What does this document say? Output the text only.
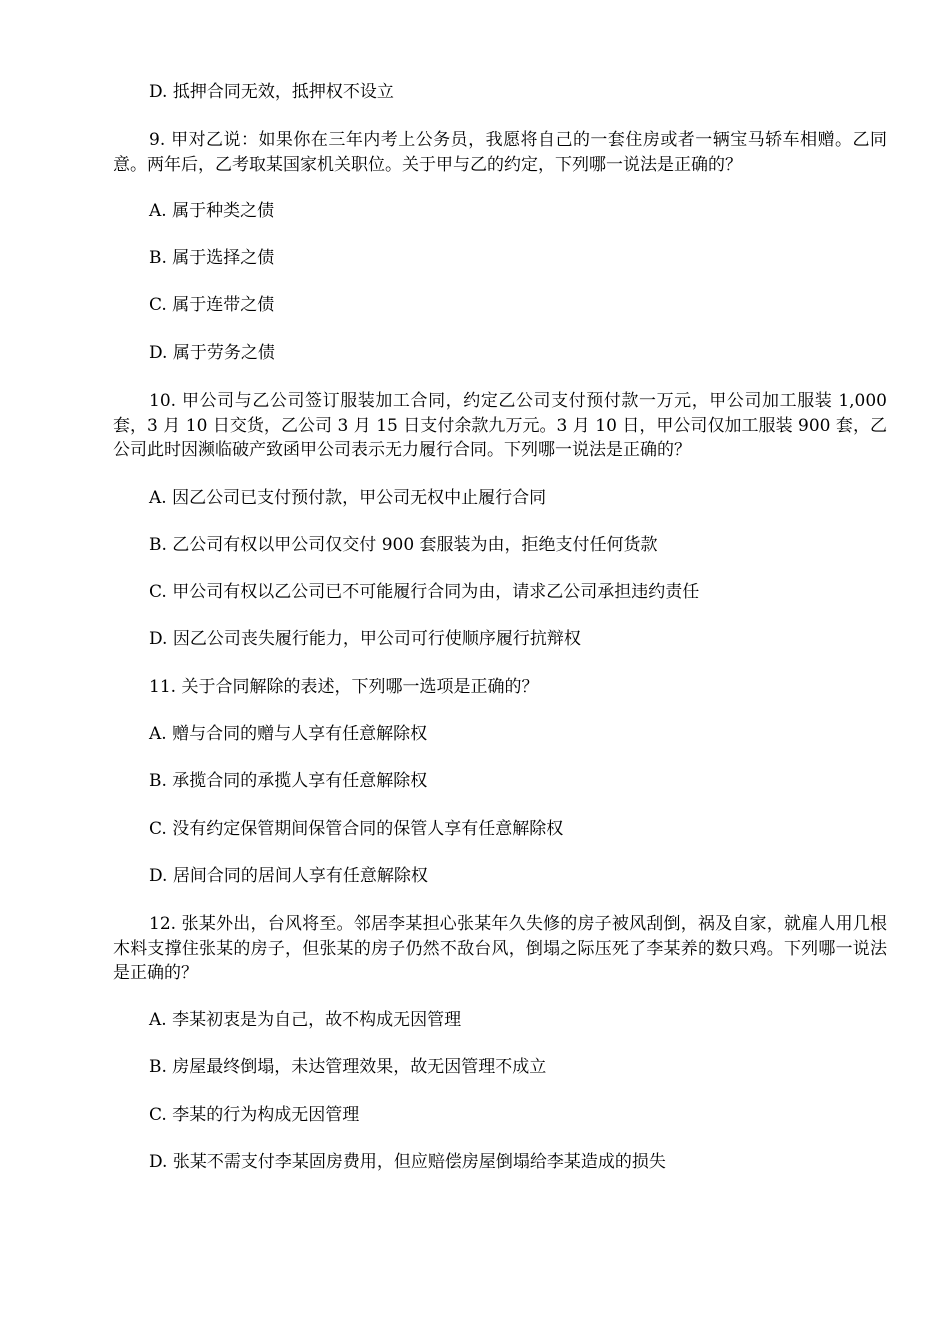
D. 抵押合同无效，抵押权不设立

9. 甲对乙说：如果你在三年内考上公务员，我愿将自己的一套住房或者一辆宝马轿车相赠。乙同意。两年后，乙考取某国家机关职位。关于甲与乙的约定，下列哪一说法是正确的？

A. 属于种类之债

B. 属于选择之债

C. 属于连带之债

D. 属于劳务之债

10. 甲公司与乙公司签订服装加工合同，约定乙公司支付预付款一万元，甲公司加工服装 1,000 套，3 月 10 日交货，乙公司 3 月 15 日支付余款九万元。3 月 10 日，甲公司仅加工服装 900 套，乙公司此时因濒临破产致函甲公司表示无力履行合同。下列哪一说法是正确的？

A. 因乙公司已支付预付款，甲公司无权中止履行合同

B. 乙公司有权以甲公司仅交付 900 套服装为由，拒绝支付任何货款

C. 甲公司有权以乙公司已不可能履行合同为由，请求乙公司承担违约责任

D. 因乙公司丧失履行能力，甲公司可行使顺序履行抗辩权

11. 关于合同解除的表述，下列哪一选项是正确的？

A. 赠与合同的赠与人享有任意解除权

B. 承揽合同的承揽人享有任意解除权

C. 没有约定保管期间保管合同的保管人享有任意解除权

D. 居间合同的居间人享有任意解除权

12. 张某外出，台风将至。邻居李某担心张某年久失修的房子被风刮倒，祸及自家，就雇人用几根木料支撑住张某的房子，但张某的房子仍然不敌台风，倒塌之际压死了李某养的数只鸡。下列哪一说法是正确的？

A. 李某初衷是为自己，故不构成无因管理

B. 房屋最终倒塌，未达管理效果，故无因管理不成立

C. 李某的行为构成无因管理

D. 张某不需支付李某固房费用，但应赔偿房屋倒塌给李某造成的损失
